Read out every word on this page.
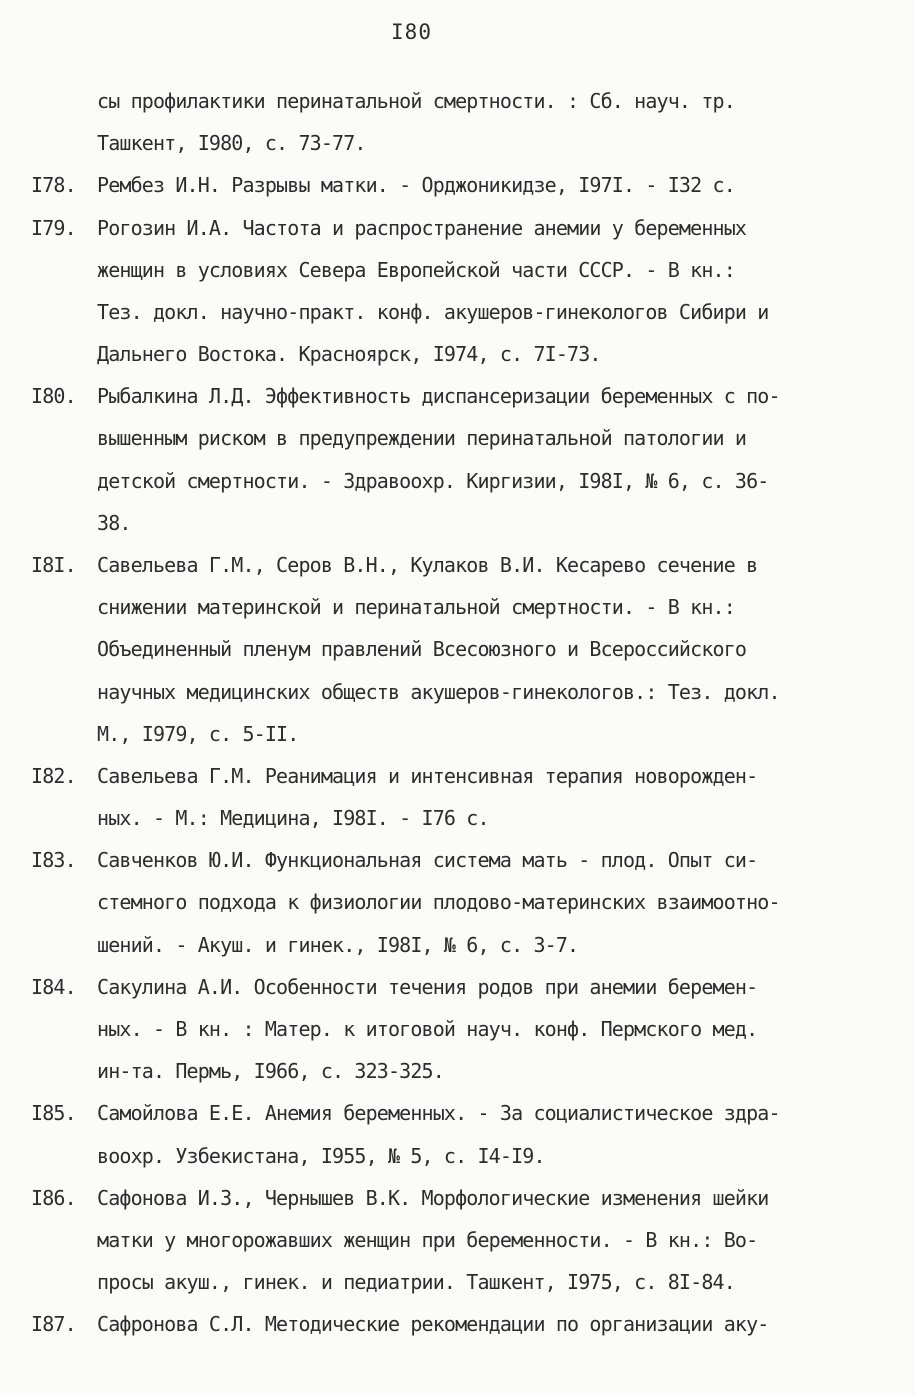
I80
сы профилактики перинатальной смертности. : Сб. науч. тр.
Ташкент, I980, с. 73-77.
I78. Рембез И.Н. Разрывы матки. - Орджоникидзе, I97I. - I32 с.
I79. Рогозин И.А. Частота и распространение анемии у беременных
женщин в условиях Севера Европейской части СССР. - В кн.:
Тез. докл. научно-практ. конф. акушеров-гинекологов Сибири и
Дальнего Востока. Красноярск, I974, с. 7I-73.
I80. Рыбалкина Л.Д. Эффективность диспансеризации беременных с по-
вышенным риском в предупреждении перинатальной патологии и
детской смертности. - Здравоохр. Киргизии, I98I, № 6, с. 36-
38.
I8I. Савельева Г.М., Серов В.Н., Кулаков В.И. Кесарево сечение в
снижении материнской и перинатальной смертности. - В кн.:
Объединенный пленум правлений Всесоюзного и Всероссийского
научных медицинских обществ акушеров-гинекологов.: Тез. докл.
М., I979, с. 5-II.
I82. Савельева Г.М. Реанимация и интенсивная терапия новорожден-
ных. - М.: Медицина, I98I. - I76 с.
I83. Савченков Ю.И. Функциональная система мать - плод. Опыт си-
стемного подхода к физиологии плодово-материнских взаимоотно-
шений. - Акуш. и гинек., I98I, № 6, с. 3-7.
I84. Сакулина А.И. Особенности течения родов при анемии беремен-
ных. - В кн. : Матер. к итоговой науч. конф. Пермского мед.
ин-та. Пермь, I966, с. 323-325.
I85. Самойлова Е.Е. Анемия беременных. - За социалистическое здра-
воохр. Узбекистана, I955, № 5, с. I4-I9.
I86. Сафонова И.З., Чернышев В.К. Морфологические изменения шейки
матки у многорожавших женщин при беременности. - В кн.: Во-
просы акуш., гинек. и педиатрии. Ташкент, I975, с. 8I-84.
I87. Сафронова С.Л. Методические рекомендации по организации аку-
